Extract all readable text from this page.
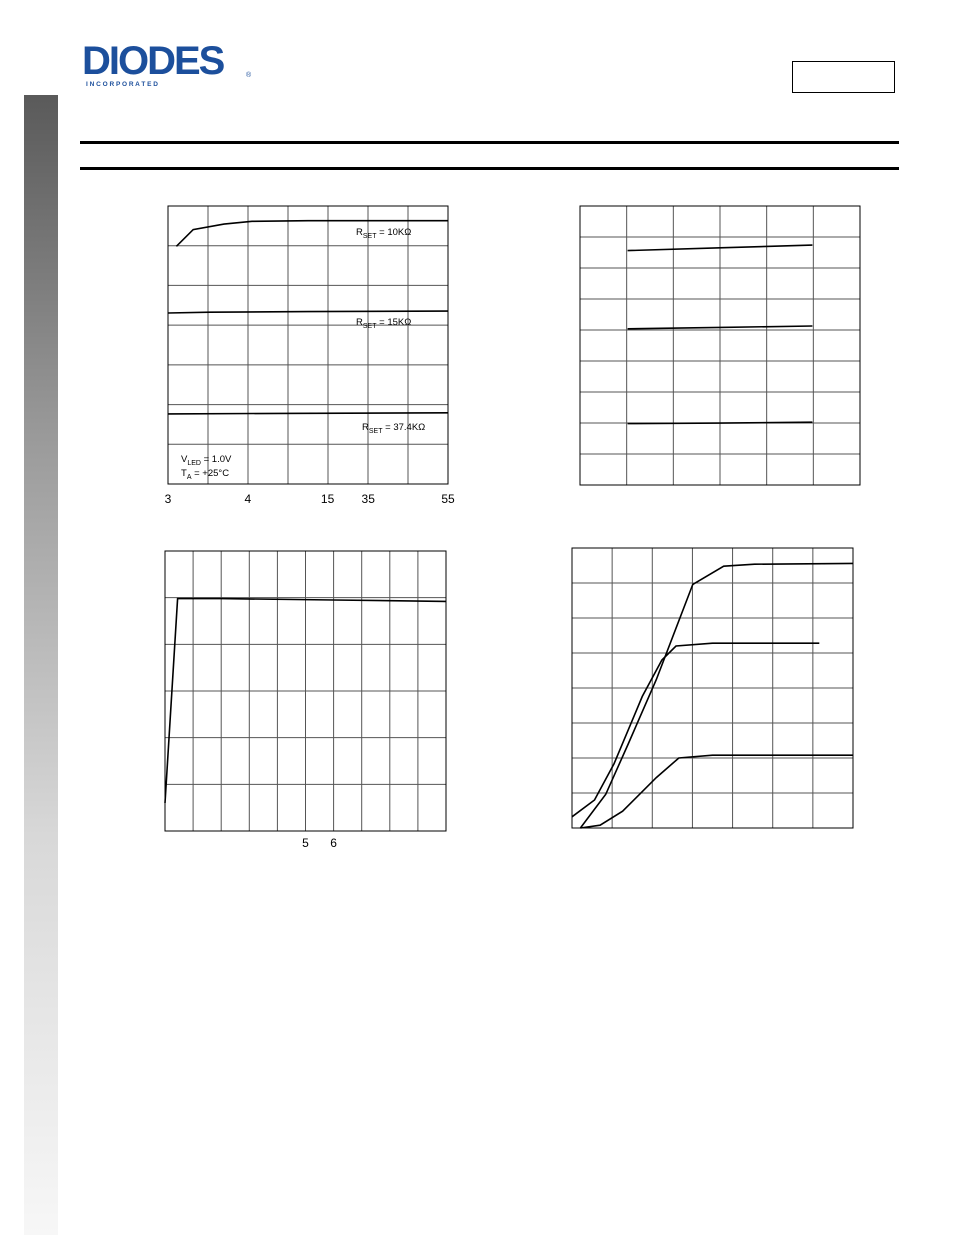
DIODES
I N C O R P O R A T E D
®
3	4	15 35	55
RSET = 10KΩ
RSET = 15KΩ
RSET = 37.4KΩ
VLED = 1.0V
TA = +25°C
5 6
